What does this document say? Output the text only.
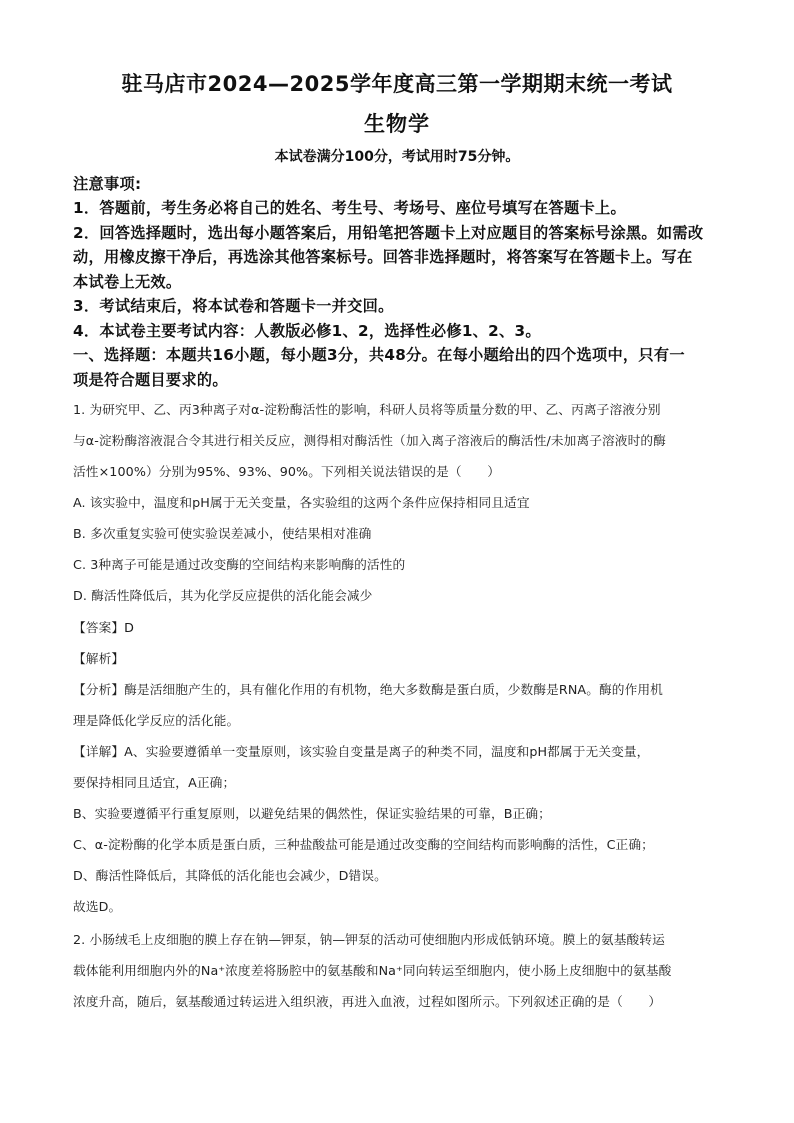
驻马店市2024—2025学年度高三第一学期期末统一考试
生物学
本试卷满分100分，考试用时75分钟。
注意事项:
1．答题前，考生务必将自己的姓名、考生号、考场号、座位号填写在答题卡上。
2．回答选择题时，选出每小题答案后，用铅笔把答题卡上对应题目的答案标号涂黑。如需改
动，用橡皮擦干净后，再选涂其他答案标号。回答非选择题时，将答案写在答题卡上。写在
本试卷上无效。
3．考试结束后，将本试卷和答题卡一并交回。
4．本试卷主要考试内容：人教版必修1、2，选择性必修1、2、3。
一、选择题：本题共16小题，每小题3分，共48分。在每小题给出的四个选项中，只有一
项是符合题目要求的。
1. 为研究甲、乙、丙3种离子对α-淀粉酶活性的影响，科研人员将等质量分数的甲、乙、丙离子溶液分别
与α-淀粉酶溶液混合令其进行相关反应，测得相对酶活性（加入离子溶液后的酶活性/未加离子溶液时的酶
活性×100%）分别为95%、93%、90%。下列相关说法错误的是（　　）
A. 该实验中，温度和pH属于无关变量，各实验组的这两个条件应保持相同且适宜
B. 多次重复实验可使实验误差减小，使结果相对准确
C. 3种离子可能是通过改变酶的空间结构来影响酶的活性的
D. 酶活性降低后，其为化学反应提供的活化能会减少
【答案】D
【解析】
【分析】酶是活细胞产生的，具有催化作用的有机物，绝大多数酶是蛋白质，少数酶是RNA。酶的作用机
理是降低化学反应的活化能。
【详解】A、实验要遵循单一变量原则，该实验自变量是离子的种类不同，温度和pH都属于无关变量，
要保持相同且适宜，A正确；
B、实验要遵循平行重复原则，以避免结果的偶然性，保证实验结果的可靠，B正确；
C、α-淀粉酶的化学本质是蛋白质，三种盐酸盐可能是通过改变酶的空间结构而影响酶的活性，C正确；
D、酶活性降低后，其降低的活化能也会减少，D错误。
故选D。
2. 小肠绒毛上皮细胞的膜上存在钠—钾泵，钠—钾泵的活动可使细胞内形成低钠环境。膜上的氨基酸转运
载体能利用细胞内外的Na⁺浓度差将肠腔中的氨基酸和Na⁺同向转运至细胞内，使小肠上皮细胞中的氨基酸
浓度升高，随后，氨基酸通过转运进入组织液，再进入血液，过程如图所示。下列叙述正确的是（　　）
